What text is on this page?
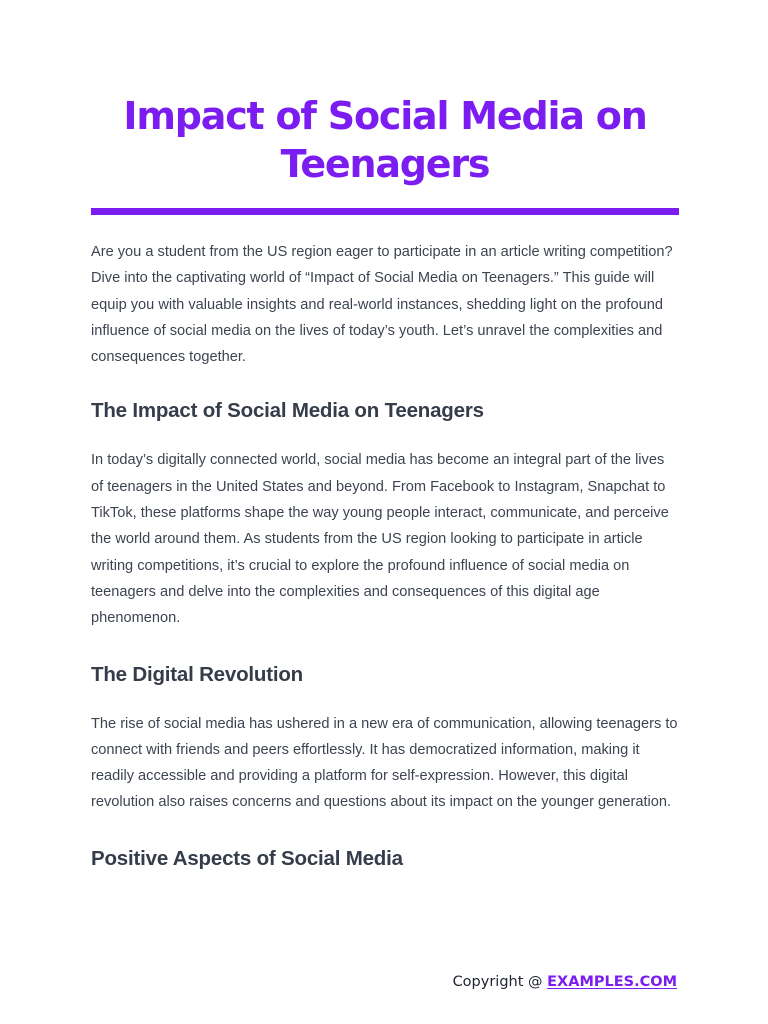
Impact of Social Media on Teenagers

Are you a student from the US region eager to participate in an article writing competition? Dive into the captivating world of “Impact of Social Media on Teenagers.” This guide will equip you with valuable insights and real-world instances, shedding light on the profound influence of social media on the lives of today’s youth. Let’s unravel the complexities and consequences together.

The Impact of Social Media on Teenagers

In today’s digitally connected world, social media has become an integral part of the lives of teenagers in the United States and beyond. From Facebook to Instagram, Snapchat to TikTok, these platforms shape the way young people interact, communicate, and perceive the world around them. As students from the US region looking to participate in article writing competitions, it’s crucial to explore the profound influence of social media on teenagers and delve into the complexities and consequences of this digital age phenomenon.

The Digital Revolution

The rise of social media has ushered in a new era of communication, allowing teenagers to connect with friends and peers effortlessly. It has democratized information, making it readily accessible and providing a platform for self-expression. However, this digital revolution also raises concerns and questions about its impact on the younger generation.

Positive Aspects of Social Media
Copyright @ EXAMPLES.COM
